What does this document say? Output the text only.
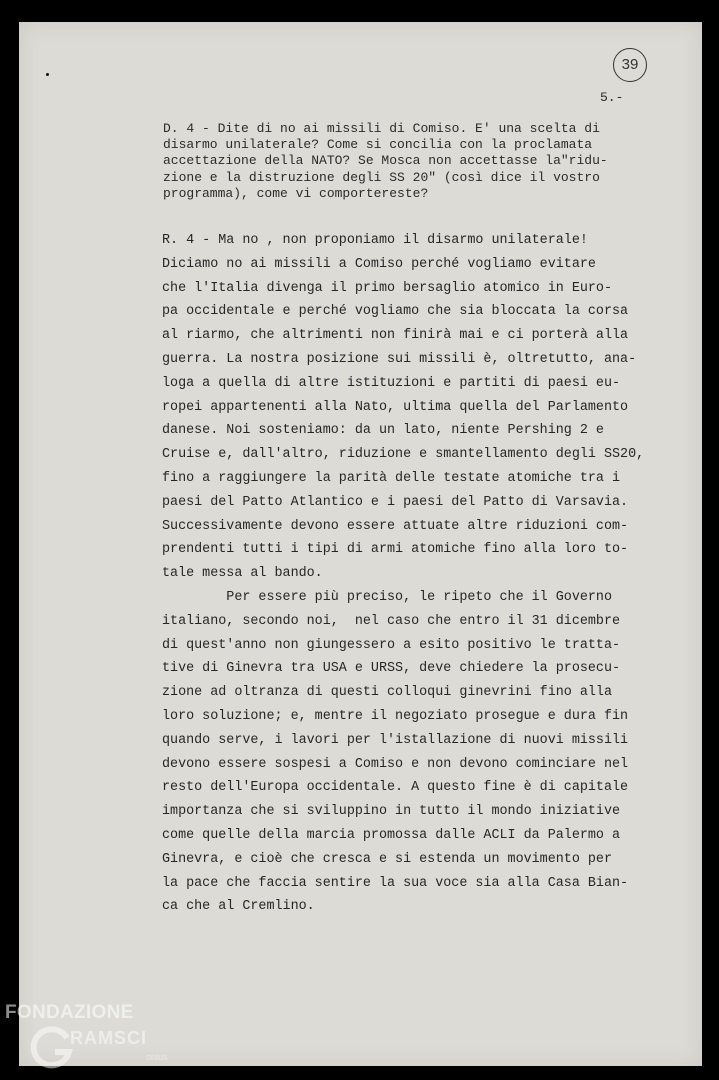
39
5.-

D. 4 - Dite di no ai missili di Comiso. E' una scelta di

disarmo unilaterale? Come si concilia con la proclamata

accettazione della NATO? Se Mosca non accettasse la"ridu-

zione e la distruzione degli SS 20" (così dice il vostro

programma), come vi comportereste?

R. 4 - Ma no , non proponiamo il disarmo unilaterale!

Diciamo no ai missili a Comiso perché vogliamo evitare

che l'Italia divenga il primo bersaglio atomico in Euro-

pa occidentale e perché vogliamo che sia bloccata la corsa

al riarmo, che altrimenti non finirà mai e ci porterà alla

guerra. La nostra posizione sui missili è, oltretutto, ana-

loga a quella di altre istituzioni e partiti di paesi eu-

ropei appartenenti alla Nato, ultima quella del Parlamento

danese. Noi sosteniamo: da un lato, niente Pershing 2 e

Cruise e, dall'altro, riduzione e smantellamento degli SS20,

fino a raggiungere la parità delle testate atomiche tra i

paesi del Patto Atlantico e i paesi del Patto di Varsavia.

Successivamente devono essere attuate altre riduzioni com-

prendenti tutti i tipi di armi atomiche fino alla loro to-

tale messa al bando.

Per essere più preciso, le ripeto che il Governo

italiano, secondo noi,  nel caso che entro il 31 dicembre

di quest'anno non giungessero a esito positivo le tratta-

tive di Ginevra tra USA e URSS, deve chiedere la prosecu-

zione ad oltranza di questi colloqui ginevrini fino alla

loro soluzione; e, mentre il negoziato prosegue e dura fin

quando serve, i lavori per l'istallazione di nuovi missili

devono essere sospesi a Comiso e non devono cominciare nel

resto dell'Europa occidentale. A questo fine è di capitale

importanza che si sviluppino in tutto il mondo iniziative

come quelle della marcia promossa dalle ACLI da Palermo a

Ginevra, e cioè che cresca e si estenda un movimento per

la pace che faccia sentire la sua voce sia alla Casa Bian-

ca che al Cremlino.

FONDAZIONE
RAMSCI
onlus
